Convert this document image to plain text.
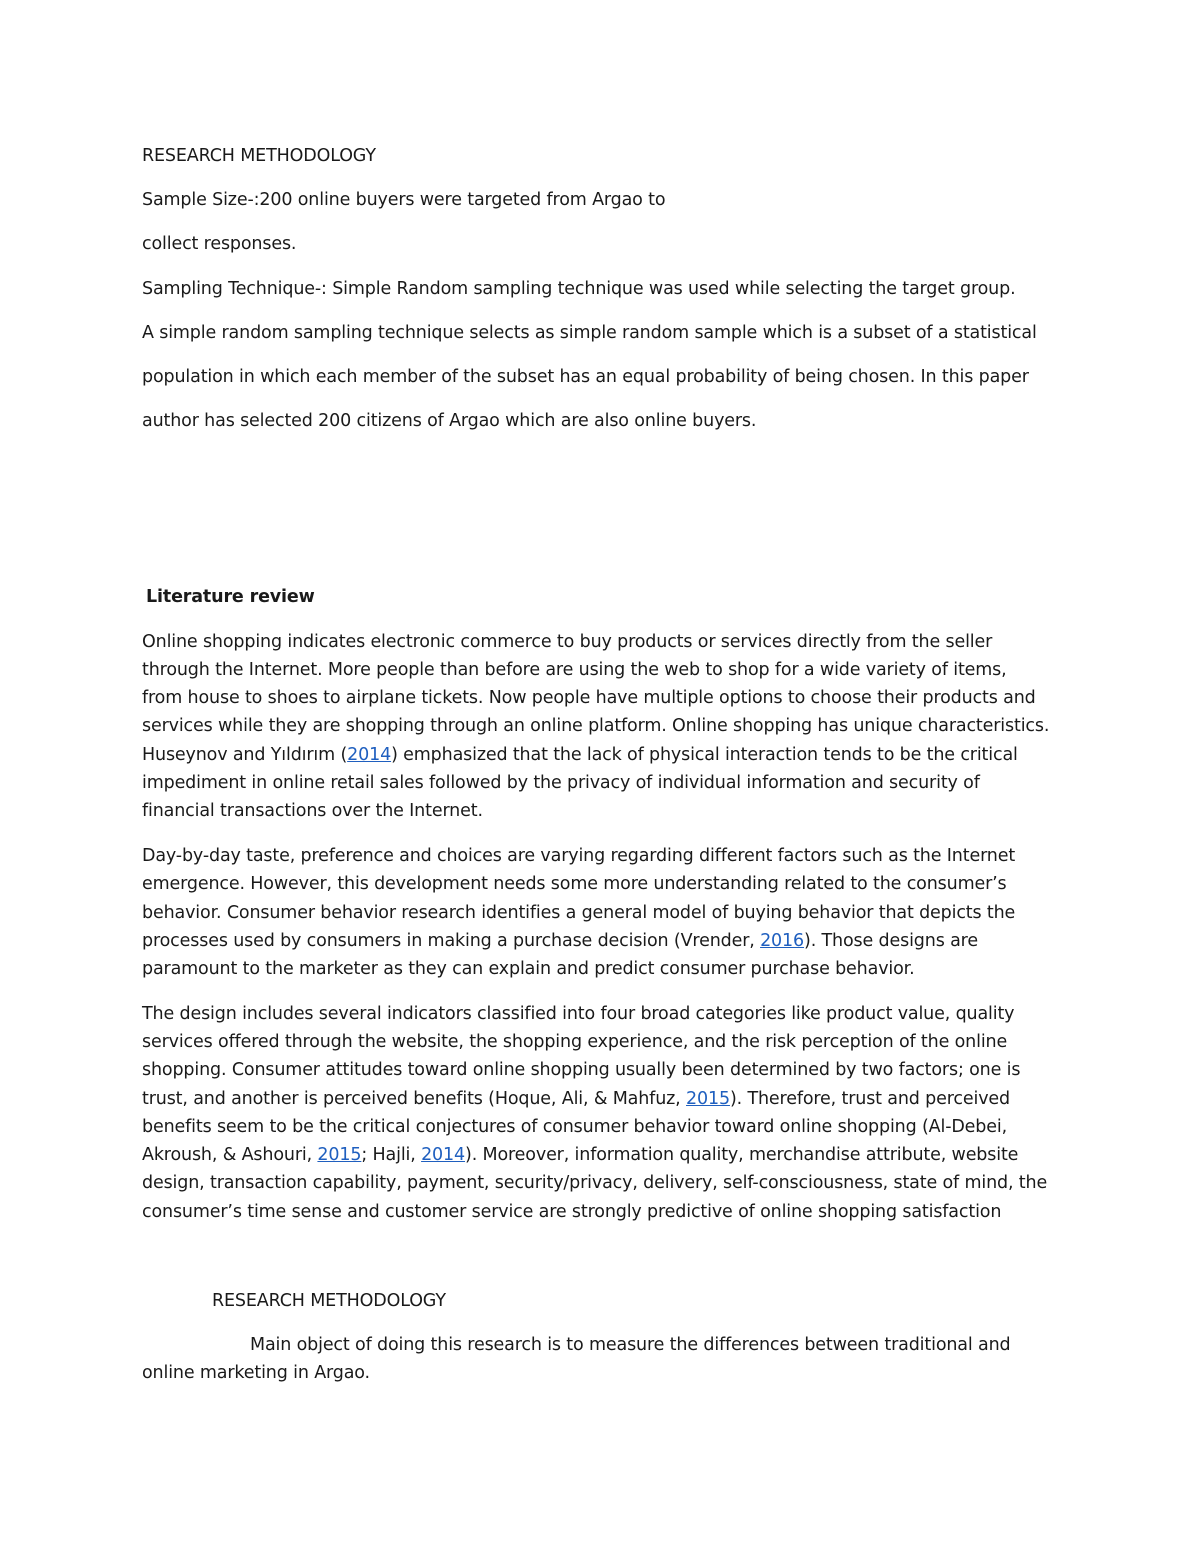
RESEARCH METHODOLOGY
Sample Size-:200 online buyers were targeted from Argao to
collect responses.
Sampling Technique-: Simple Random sampling technique was used while selecting the target group.
A simple random sampling technique selects as simple random sample which is a subset of a statistical
population in which each member of the subset has an equal probability of being chosen. In this paper
author has selected 200 citizens of Argao which are also online buyers.
Literature review
Online shopping indicates electronic commerce to buy products or services directly from the seller
through the Internet. More people than before are using the web to shop for a wide variety of items,
from house to shoes to airplane tickets. Now people have multiple options to choose their products and
services while they are shopping through an online platform. Online shopping has unique characteristics.
Huseynov and Yıldırım (2014) emphasized that the lack of physical interaction tends to be the critical
impediment in online retail sales followed by the privacy of individual information and security of
financial transactions over the Internet.
Day-by-day taste, preference and choices are varying regarding different factors such as the Internet
emergence. However, this development needs some more understanding related to the consumer’s
behavior. Consumer behavior research identifies a general model of buying behavior that depicts the
processes used by consumers in making a purchase decision (Vrender, 2016). Those designs are
paramount to the marketer as they can explain and predict consumer purchase behavior.
The design includes several indicators classified into four broad categories like product value, quality
services offered through the website, the shopping experience, and the risk perception of the online
shopping. Consumer attitudes toward online shopping usually been determined by two factors; one is
trust, and another is perceived benefits (Hoque, Ali, & Mahfuz, 2015). Therefore, trust and perceived
benefits seem to be the critical conjectures of consumer behavior toward online shopping (Al-Debei,
Akroush, & Ashouri, 2015; Hajli, 2014). Moreover, information quality, merchandise attribute, website
design, transaction capability, payment, security/privacy, delivery, self-consciousness, state of mind, the
consumer’s time sense and customer service are strongly predictive of online shopping satisfaction
RESEARCH METHODOLOGY
Main object of doing this research is to measure the differences between traditional and
online marketing in Argao.
